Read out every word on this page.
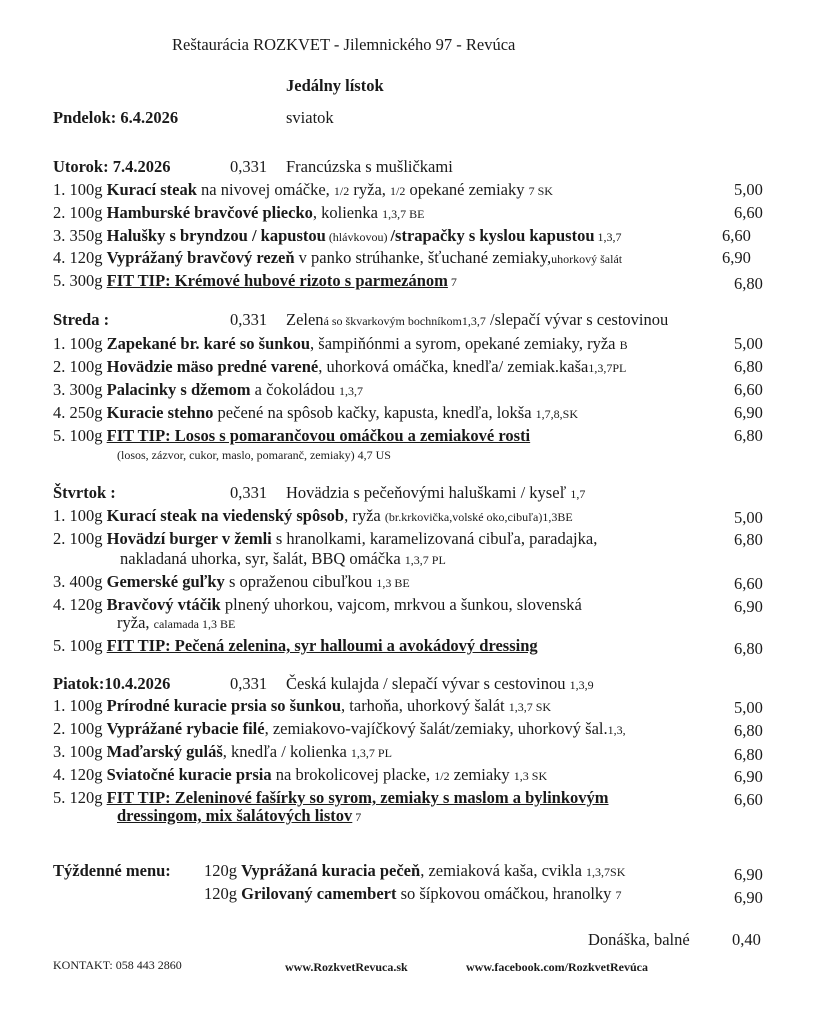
Reštaurácia ROZKVET - Jilemnického 97 - Revúca
Jedálny lístok
Pndelok: 6.4.2026	sviatok
Utorok: 7.4.2026	0,331 Francúzska s mušličkami
1. 100g Kurací steak na nivovej omáčke, 1/2 ryža, 1/2 opekané zemiaky 7 SK	5,00
2. 100g Hamburské bravčové pliecko, kolienka 1,3,7 BE	6,60
3. 350g Halušky s bryndzou / kapustou (hlávkovou) /strapačky s kyslou kapustou 1,3,7	6,60
4. 120g Vyprážaný bravčový rezeň v panko strúhanke, šťuchané zemiaky,uhorkový šalát	6,90
5. 300g FIT TIP: Krémové hubové rizoto s parmezánom 7	6,80
Streda :	0,331 Zelená so škvarkovým bochníkom1,3,7 /slepačí vývar s cestovinou
1. 100g Zapekané br. karé so šunkou, šampiňónmi a syrom, opekané zemiaky, ryža B	5,00
2. 100g Hovädzie mäso predné varené, uhorková omáčka, knedľa/ zemiak.kaša1,3,7PL	6,80
3. 300g Palacinky s džemom a čokoládou 1,3,7	6,60
4. 250g Kuracie stehno pečené na spôsob kačky, kapusta, knedľa, lokša 1,7,8,SK	6,90
5. 100g FIT TIP: Losos s pomarančovou omáčkou a zemiakové rosti	6,80
(losos, zázvor, cukor, maslo, pomaranč, zemiaky) 4,7 US
Štvrtok :	0,331 Hovädzia s pečeňovými haluškami / kyseľ 1,7
1. 100g Kurací steak na viedenský spôsob, ryža (br.krkovička,volské oko,cibuľa)1,3BE	5,00
2. 100g Hovädzí burger v žemli s hranolkami, karamelizovaná cibuľa, paradajka,
nakladaná uhorka, syr, šalát, BBQ omáčka 1,3,7 PL
6,80
3. 400g Gemerské guľky s opraženou cibuľkou 1,3 BE	6,60
4. 120g Bravčový vtáčik plnený uhorkou, vajcom, mrkvou a šunkou, slovenská
ryža, calamada 1,3 BE
6,90
5. 100g FIT TIP: Pečená zelenina, syr halloumi a avokádový dressing	6,80
Piatok:10.4.2026	0,331 Česká kulajda / slepačí vývar s cestovinou 1,3,9
1. 100g Prírodné kuracie prsia so šunkou, tarhoňa, uhorkový šalát 1,3,7 SK	5,00
2. 100g Vyprážané rybacie filé, zemiakovo-vajíčkový šalát/zemiaky, uhorkový šal.1,3,	6,80
3. 100g Maďarský guláš, knedľa / kolienka 1,3,7 PL	6,80
4. 120g Sviatočné kuracie prsia na brokolicovej placke, 1/2 zemiaky 1,3 SK	6,90
5. 120g FIT TIP: Zeleninové fašírky so syrom, zemiaky s maslom a bylinkovým
dressingom, mix šalátových listov 7
6,60
Týždenné menu: 120g Vyprážaná kuracia pečeň, zemiaková kaša, cvikla 1,3,7SK	6,90
120g Grilovaný camembert so šípkovou omáčkou, hranolky 7	6,90
Donáška, balné	0,40
KONTAKT: 058 443 2860	www.RozkvetRevuca.sk	www.facebook.com/RozkvetRevúca
